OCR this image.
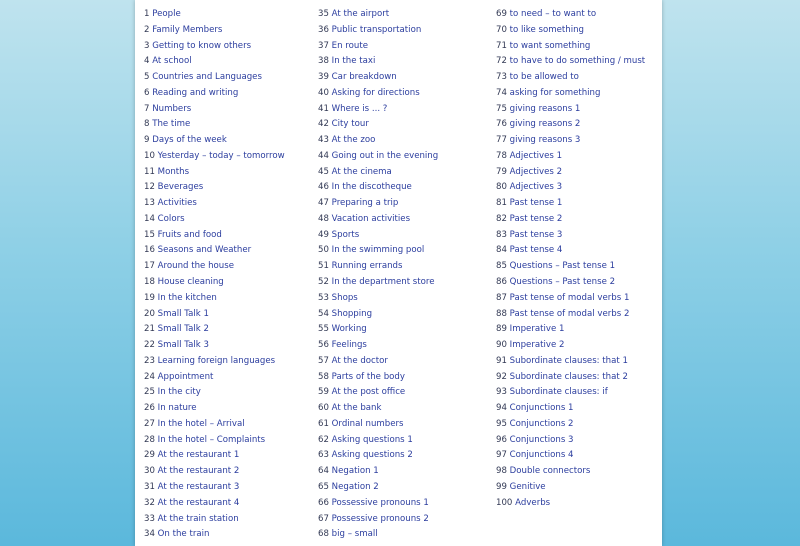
1 People
2 Family Members
3 Getting to know others
4 At school
5 Countries and Languages
6 Reading and writing
7 Numbers
8 The time
9 Days of the week
10 Yesterday – today – tomorrow
11 Months
12 Beverages
13 Activities
14 Colors
15 Fruits and food
16 Seasons and Weather
17 Around the house
18 House cleaning
19 In the kitchen
20 Small Talk 1
21 Small Talk 2
22 Small Talk 3
23 Learning foreign languages
24 Appointment
25 In the city
26 In nature
27 In the hotel – Arrival
28 In the hotel – Complaints
29 At the restaurant 1
30 At the restaurant 2
31 At the restaurant 3
32 At the restaurant 4
33 At the train station
34 On the train
35 At the airport
36 Public transportation
37 En route
38 In the taxi
39 Car breakdown
40 Asking for directions
41 Where is ... ?
42 City tour
43 At the zoo
44 Going out in the evening
45 At the cinema
46 In the discotheque
47 Preparing a trip
48 Vacation activities
49 Sports
50 In the swimming pool
51 Running errands
52 In the department store
53 Shops
54 Shopping
55 Working
56 Feelings
57 At the doctor
58 Parts of the body
59 At the post office
60 At the bank
61 Ordinal numbers
62 Asking questions 1
63 Asking questions 2
64 Negation 1
65 Negation 2
66 Possessive pronouns 1
67 Possessive pronouns 2
68 big – small
69 to need – to want to
70 to like something
71 to want something
72 to have to do something / must
73 to be allowed to
74 asking for something
75 giving reasons 1
76 giving reasons 2
77 giving reasons 3
78 Adjectives 1
79 Adjectives 2
80 Adjectives 3
81 Past tense 1
82 Past tense 2
83 Past tense 3
84 Past tense 4
85 Questions – Past tense 1
86 Questions – Past tense 2
87 Past tense of modal verbs 1
88 Past tense of modal verbs 2
89 Imperative 1
90 Imperative 2
91 Subordinate clauses: that 1
92 Subordinate clauses: that 2
93 Subordinate clauses: if
94 Conjunctions 1
95 Conjunctions 2
96 Conjunctions 3
97 Conjunctions 4
98 Double connectors
99 Genitive
100 Adverbs
